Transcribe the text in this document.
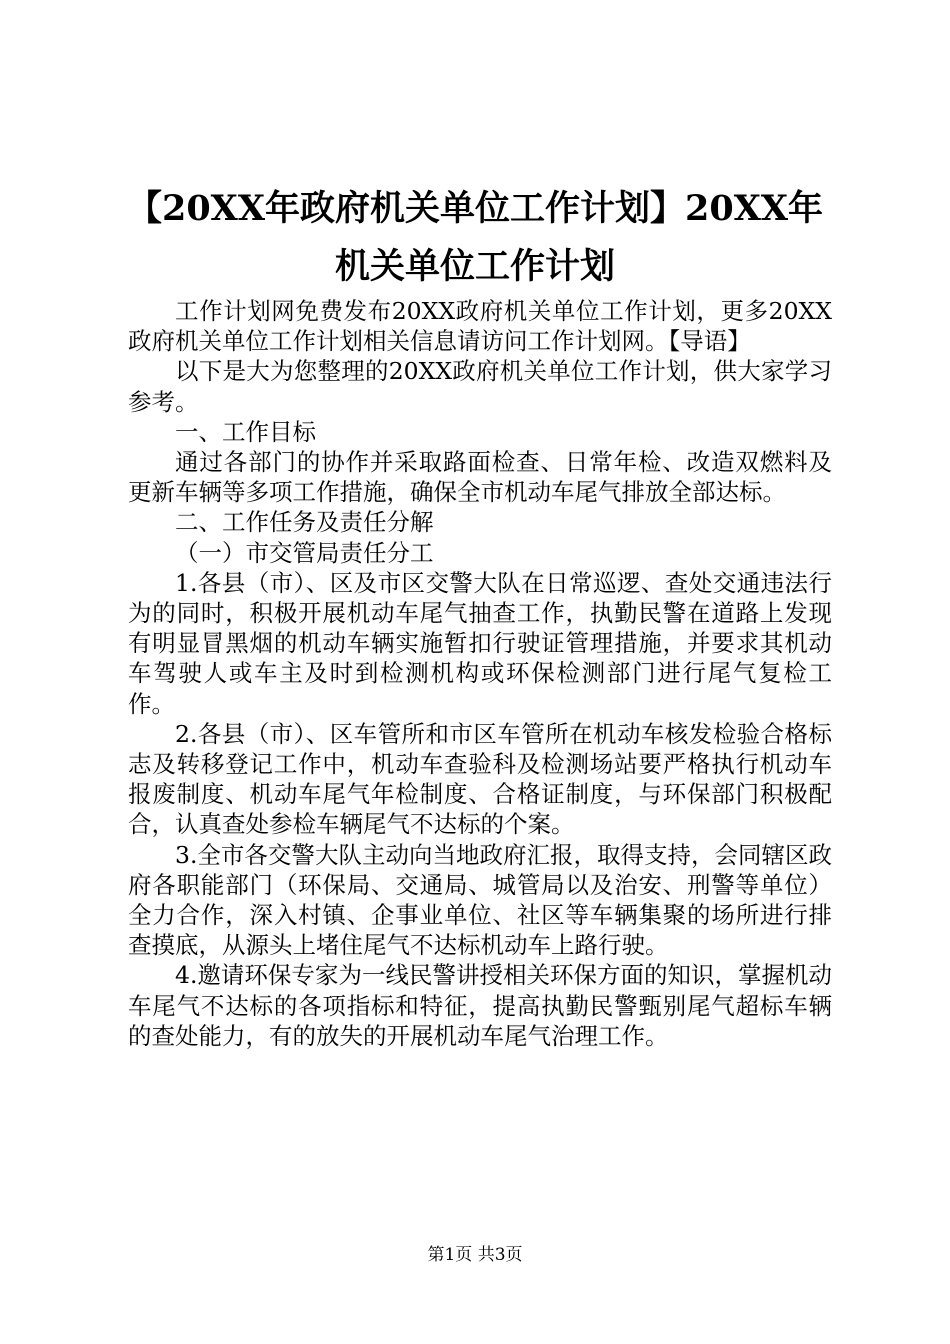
【20XX年政府机关单位工作计划】20XX年机关单位工作计划

工作计划网免费发布20XX政府机关单位工作计划，更多20XX政府机关单位工作计划相关信息请访问工作计划网。【导语】

以下是大为您整理的20XX政府机关单位工作计划，供大家学习参考。

一、工作目标

通过各部门的协作并采取路面检查、日常年检、改造双燃料及更新车辆等多项工作措施，确保全市机动车尾气排放全部达标。

二、工作任务及责任分解

（一）市交管局责任分工

1.各县（市）、区及市区交警大队在日常巡逻、查处交通违法行为的同时，积极开展机动车尾气抽查工作，执勤民警在道路上发现有明显冒黑烟的机动车辆实施暂扣行驶证管理措施，并要求其机动车驾驶人或车主及时到检测机构或环保检测部门进行尾气复检工作。

2.各县（市）、区车管所和市区车管所在机动车核发检验合格标志及转移登记工作中，机动车查验科及检测场站要严格执行机动车报废制度、机动车尾气年检制度、合格证制度，与环保部门积极配合，认真查处参检车辆尾气不达标的个案。

3.全市各交警大队主动向当地政府汇报，取得支持，会同辖区政府各职能部门（环保局、交通局、城管局以及治安、刑警等单位）全力合作，深入村镇、企事业单位、社区等车辆集聚的场所进行排查摸底，从源头上堵住尾气不达标机动车上路行驶。

4.邀请环保专家为一线民警讲授相关环保方面的知识，掌握机动车尾气不达标的各项指标和特征，提高执勤民警甄别尾气超标车辆的查处能力，有的放失的开展机动车尾气治理工作。

第1页 共3页
